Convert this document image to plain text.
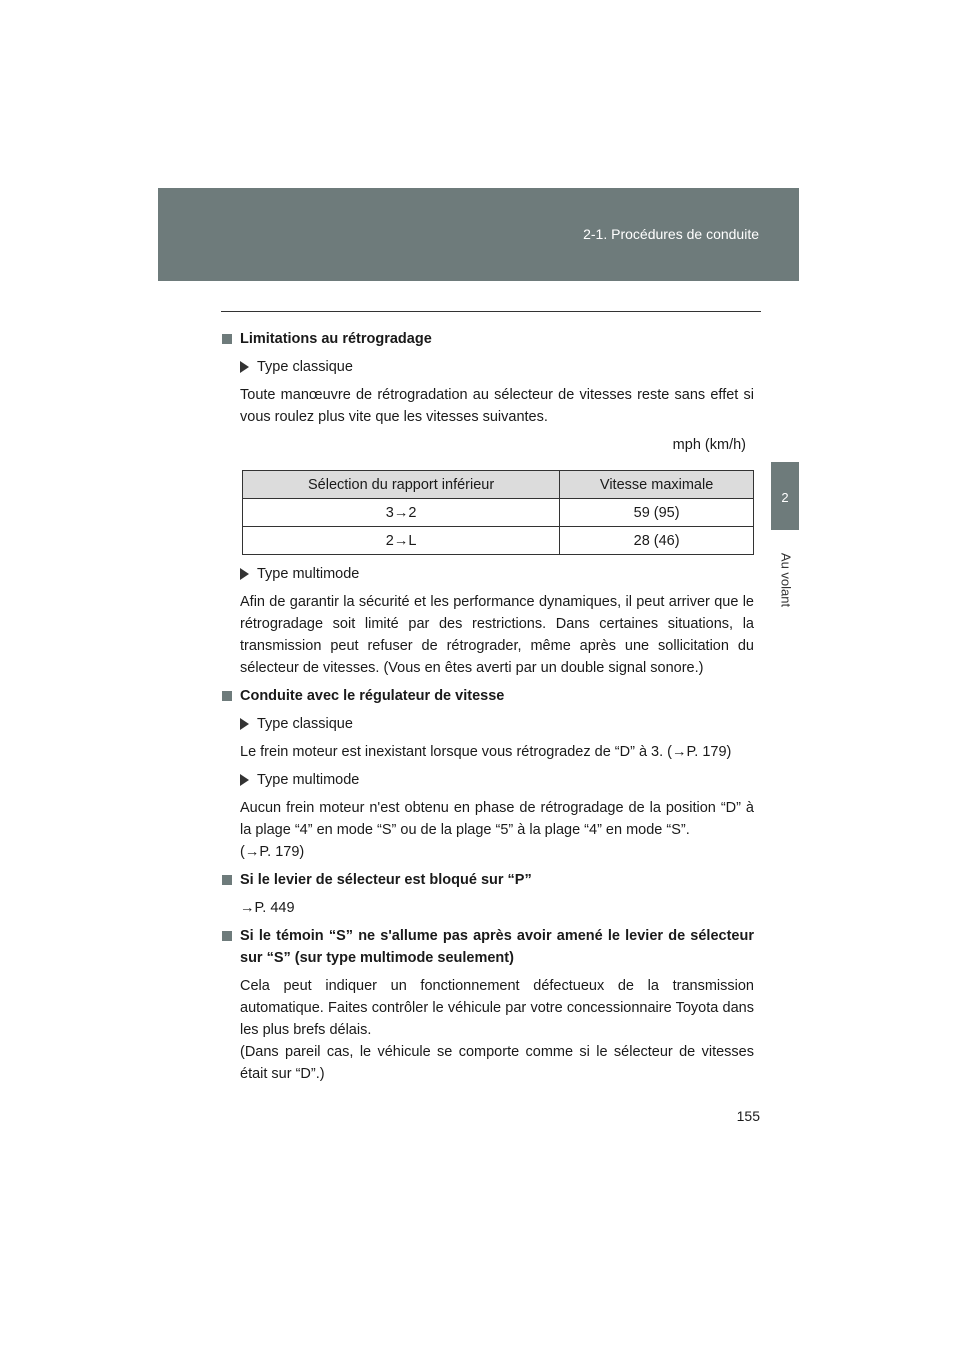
2-1. Procédures de conduite
2
Au volant
Limitations au rétrogradage
Type classique
Toute manœuvre de rétrogradation au sélecteur de vitesses reste sans effet si vous roulez plus vite que les vitesses suivantes.
mph (km/h)
Sélection du rapport inférieur	Vitesse maximale
3→2	59 (95)
2→L	28 (46)
Type multimode
Afin de garantir la sécurité et les performance dynamiques, il peut arriver que le rétrogradage soit limité par des restrictions. Dans certaines situations, la transmission peut refuser de rétrograder, même après une sollicitation du sélecteur de vitesses. (Vous en êtes averti par un double signal sonore.)
Conduite avec le régulateur de vitesse
Type classique
Le frein moteur est inexistant lorsque vous rétrogradez de “D” à 3. (→P. 179)
Type multimode
Aucun frein moteur n'est obtenu en phase de rétrogradage de la position “D” à la plage “4” en mode “S” ou de la plage “5” à la plage “4” en mode “S”.
(→P. 179)
Si le levier de sélecteur est bloqué sur “P”
→P. 449
Si le témoin “S” ne s'allume pas après avoir amené le levier de sélecteur sur “S” (sur type multimode seulement)
Cela peut indiquer un fonctionnement défectueux de la transmission automatique. Faites contrôler le véhicule par votre concessionnaire Toyota dans les plus brefs délais.
(Dans pareil cas, le véhicule se comporte comme si le sélecteur de vitesses était sur “D”.)
155
